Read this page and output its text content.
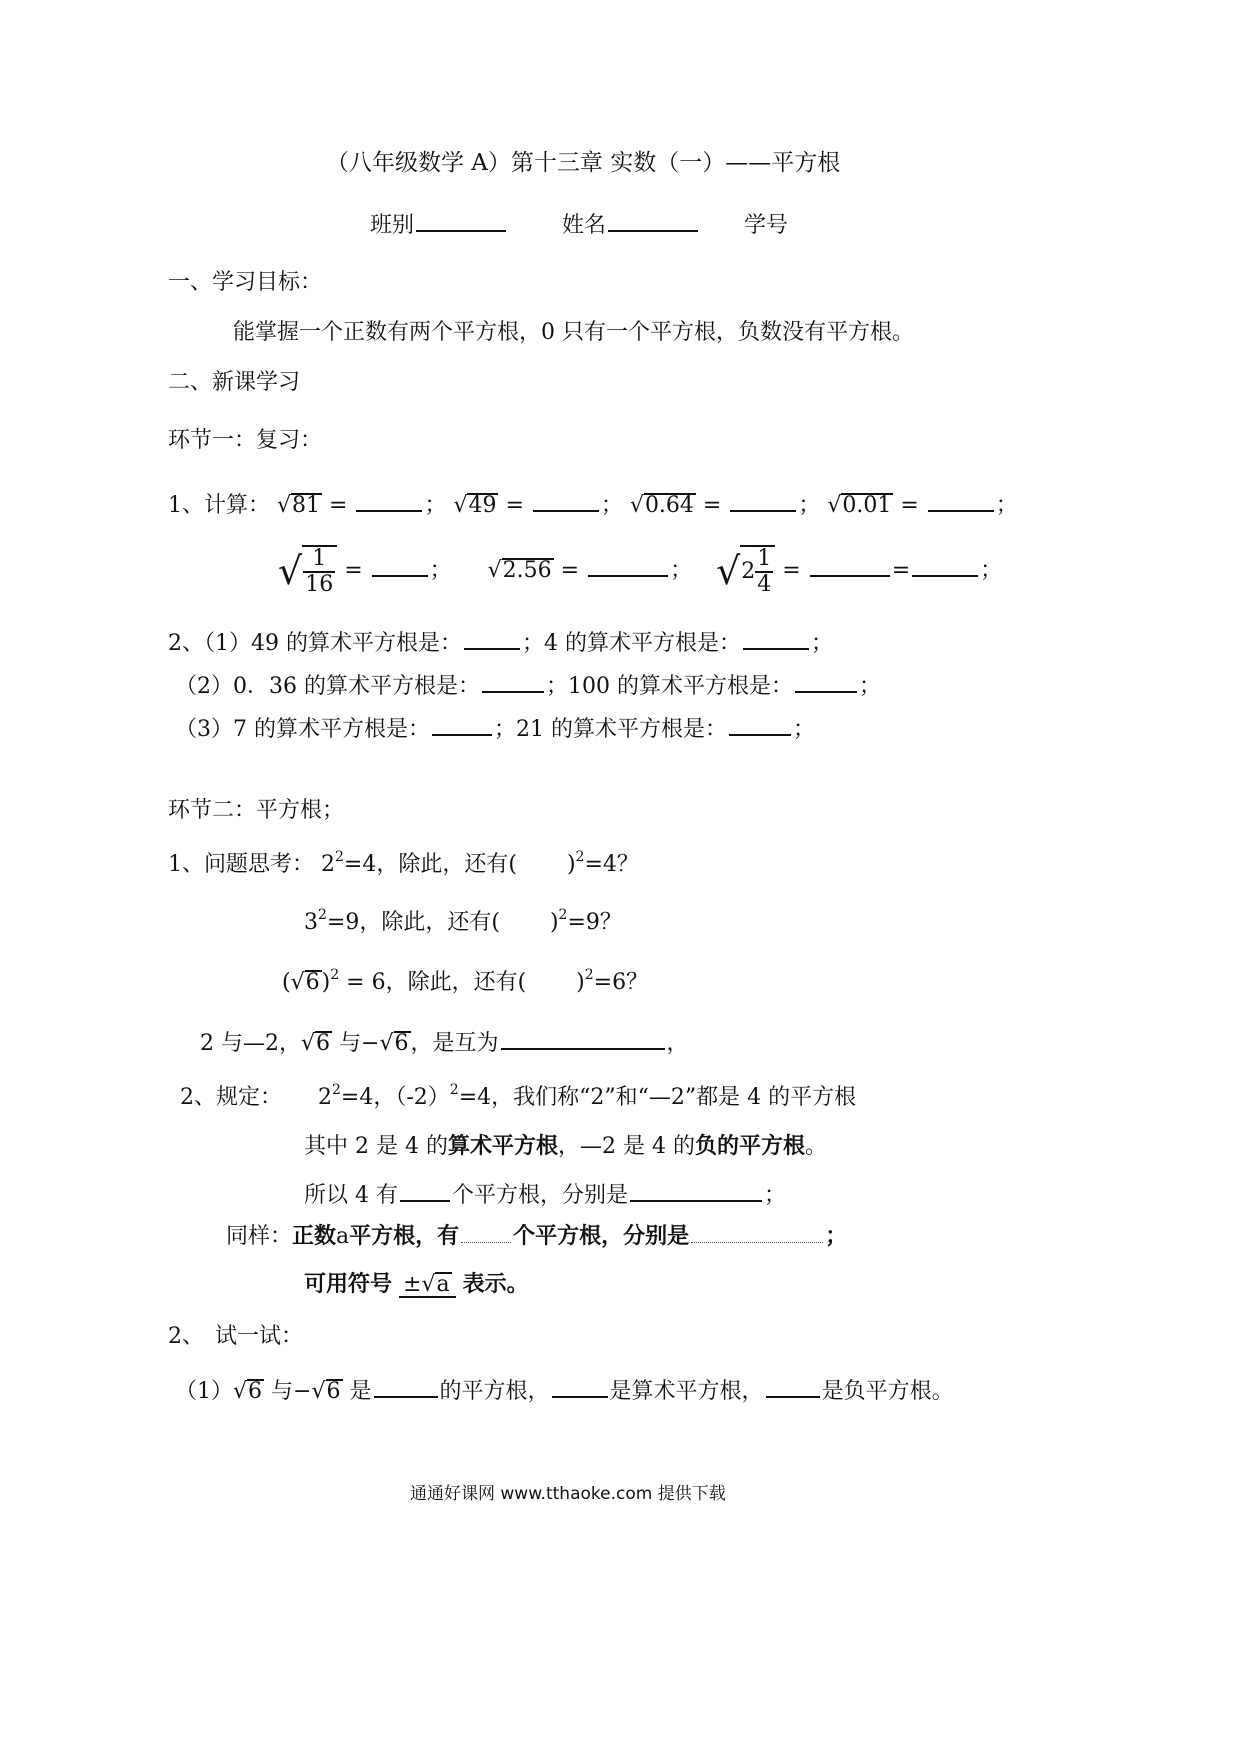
（八年级数学 A）第十三章 实数（一）——平方根
班别	姓名	学号
一、学习目标：
能掌握一个正数有两个平方根，0 只有一个平方根，负数没有平方根。
二、新课学习
环节一：复习：
1、计算： √81 =	； √49 =	； √0.64 =	； √0.01 =	；
√ $\frac{1}{16}$ =	；  √2.56 =	；  $√2 \frac{1}{4}$ =	=	；
2、（1）49 的算术平方根是：	；4 的算术平方根是：	；
（2）0．36 的算术平方根是：	；100 的算术平方根是：	；
（3）7 的算术平方根是：	；21 的算术平方根是：	；
环节二：平方根；
1、问题思考： $2^2=4$，除此，还有( )$^2$=4？
$3^2=9$，除此，还有( )$^2$=9？
$(√6)^2 = 6$，除此，还有( )$^2$=6？
2 与—2，√6 与−√6，是互为	，
2、规定： $2^2=4$，$(-2)^2=4$，我们称“2”和“—2”都是 4 的平方根
其中 2 是 4 的算术平方根，—2 是 4 的负的平方根。
所以 4 有 个平方根，分别是	；
同样：正数a平方根，有 个平方根，分别是	；
可用符号 ±√a 表示。
2、　试一试：
（1）√6 与−√6 是	的平方根，	是算术平方根，	是负平方根。
通通好课网 www.tthaoke.com 提供下载
